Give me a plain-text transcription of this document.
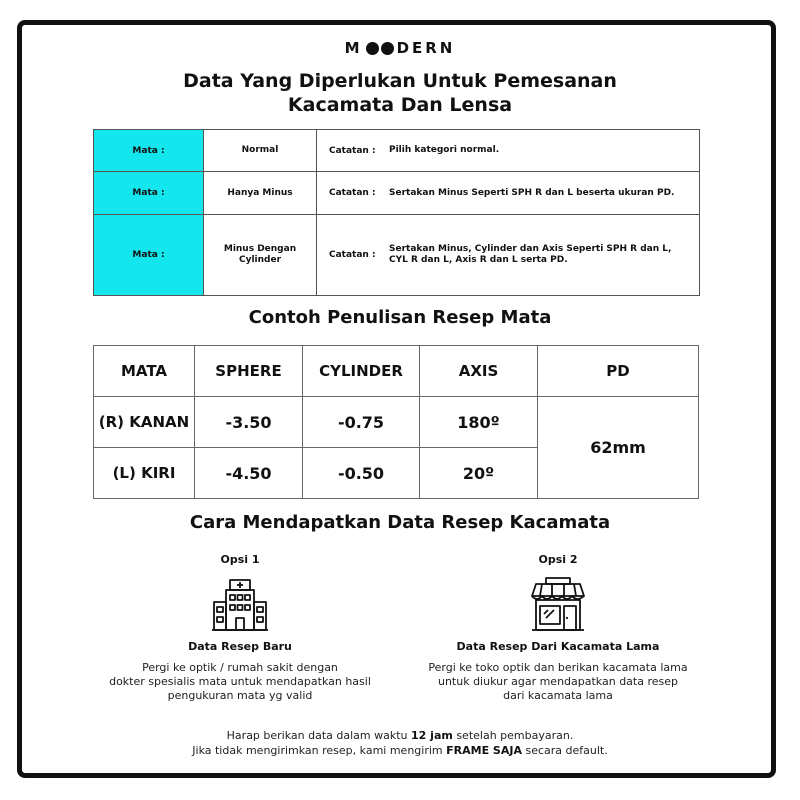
M DERN
Data Yang Diperlukan Untuk Pemesanan
Kacamata Dan Lensa
Mata :	Normal	Catatan : Pilih kategori normal.

Mata :	Hanya Minus	Catatan : Sertakan Minus Seperti SPH R dan L beserta ukuran PD.

Mata :	Minus Dengan Cylinder	Catatan :
Sertakan Minus, Cylinder dan Axis Seperti SPH R dan L, CYL R dan L, Axis R dan L serta PD.
Contoh Penulisan Resep Mata
MATA	SPHERE	CYLINDER	AXIS	PD
(R) KANAN	-3.50	-0.75	180º	62mm
(L) KIRI	-4.50	-0.50	20º	
Cara Mendapatkan Data Resep Kacamata
Opsi 1
Data Resep Baru
Pergi ke optik / rumah sakit dengan
dokter spesialis mata untuk mendapatkan hasil
pengukuran mata yg valid
Opsi 2
Data Resep Dari Kacamata Lama
Pergi ke toko optik dan berikan kacamata lama
untuk diukur agar mendapatkan data resep
dari kacamata lama
Harap berikan data dalam waktu 12 jam setelah pembayaran.
Jika tidak mengirimkan resep, kami mengirim FRAME SAJA secara default.
